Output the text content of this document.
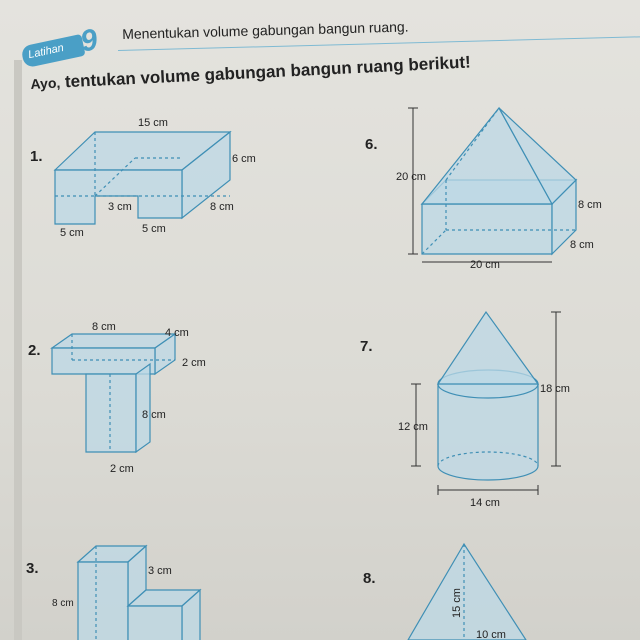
Latihan 9 Menentukan volume gabungan bangun ruang.
Ayo, tentukan volume gabungan bangun ruang berikut!
1.
2.
3.
6.
7.
8.
15 cm
6 cm
3 cm	8 cm
5 cm	5 cm
8 cm	4 cm
2 cm
8 cm
2 cm
3 cm
8 cm
20 cm
8 cm
8 cm
20 cm
18 cm
12 cm
14 cm
15 cm
10 cm
